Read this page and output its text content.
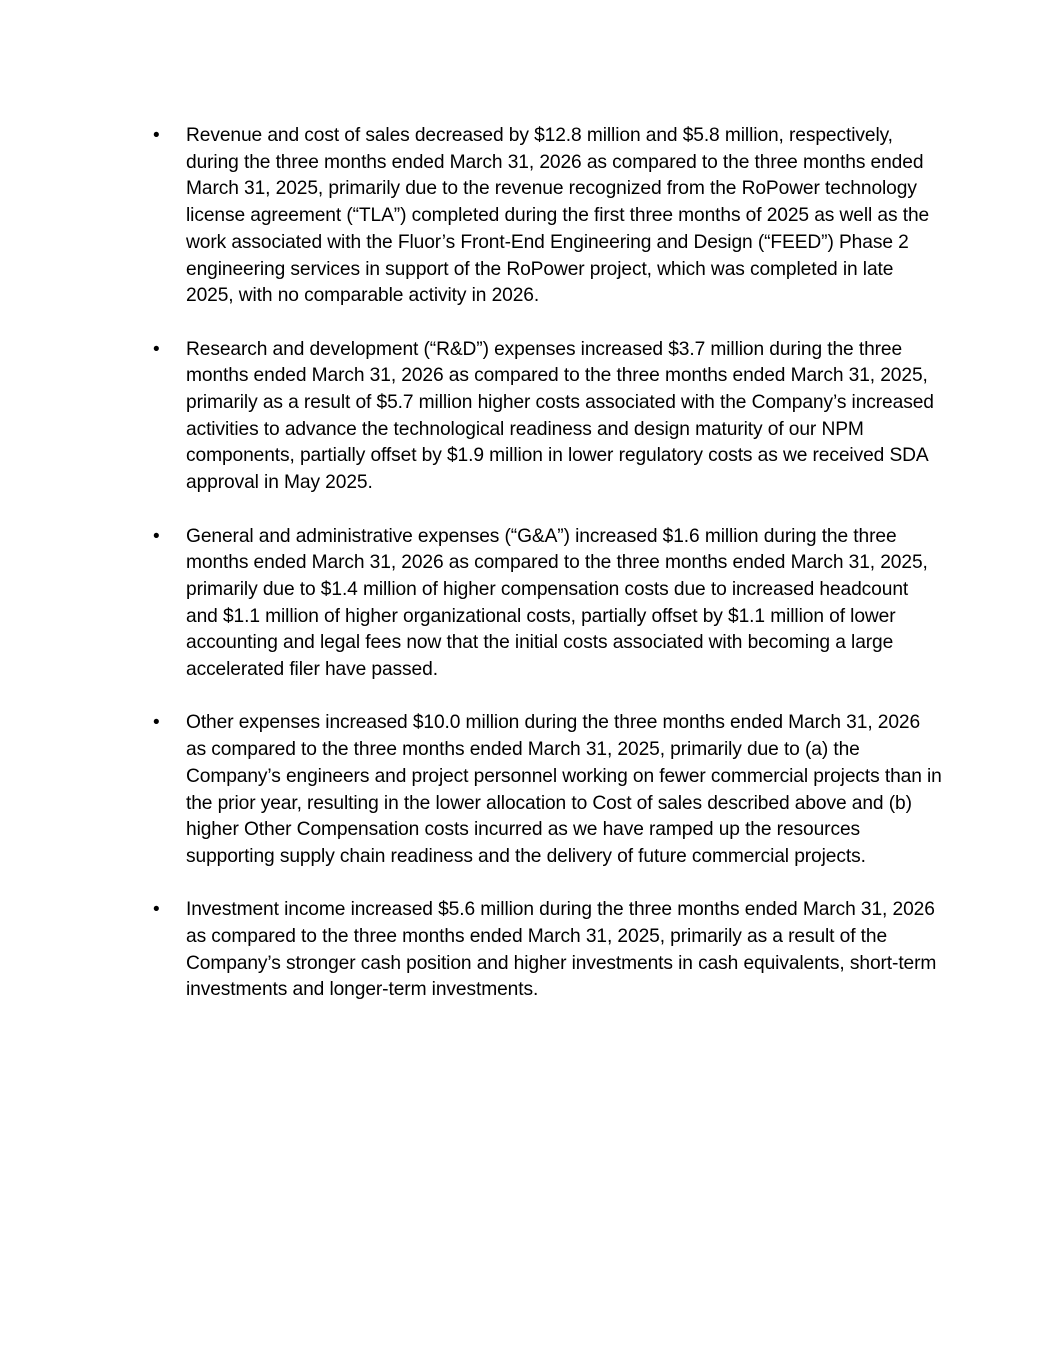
•	Revenue and cost of sales decreased by $12.8 million and $5.8 million, respectively, during the three months ended March 31, 2026 as compared to the three months ended March 31, 2025, primarily due to the revenue recognized from the RoPower technology license agreement (“TLA”) completed during the first three months of 2025 as well as the work associated with the Fluor’s Front-End Engineering and Design (“FEED”) Phase 2 engineering services in support of the RoPower project, which was completed in late 2025, with no comparable activity in 2026.
•	Research and development (“R&D”) expenses increased $3.7 million during the three months ended March 31, 2026 as compared to the three months ended March 31, 2025, primarily as a result of $5.7 million higher costs associated with the Company’s increased activities to advance the technological readiness and design maturity of our NPM components, partially offset by $1.9 million in lower regulatory costs as we received SDA approval in May 2025.
•	General and administrative expenses (“G&A”) increased $1.6 million during the three months ended March 31, 2026 as compared to the three months ended March 31, 2025, primarily due to $1.4 million of higher compensation costs due to increased headcount and $1.1 million of higher organizational costs, partially offset by $1.1 million of lower accounting and legal fees now that the initial costs associated with becoming a large accelerated filer have passed.
•	Other expenses increased $10.0 million during the three months ended March 31, 2026 as compared to the three months ended March 31, 2025, primarily due to (a) the Company’s engineers and project personnel working on fewer commercial projects than in the prior year, resulting in the lower allocation to Cost of sales described above and (b) higher Other Compensation costs incurred as we have ramped up the resources supporting supply chain readiness and the delivery of future commercial projects.
•	Investment income increased $5.6 million during the three months ended March 31, 2026 as compared to the three months ended March 31, 2025, primarily as a result of the Company’s stronger cash position and higher investments in cash equivalents, short-term investments and longer-term investments.
